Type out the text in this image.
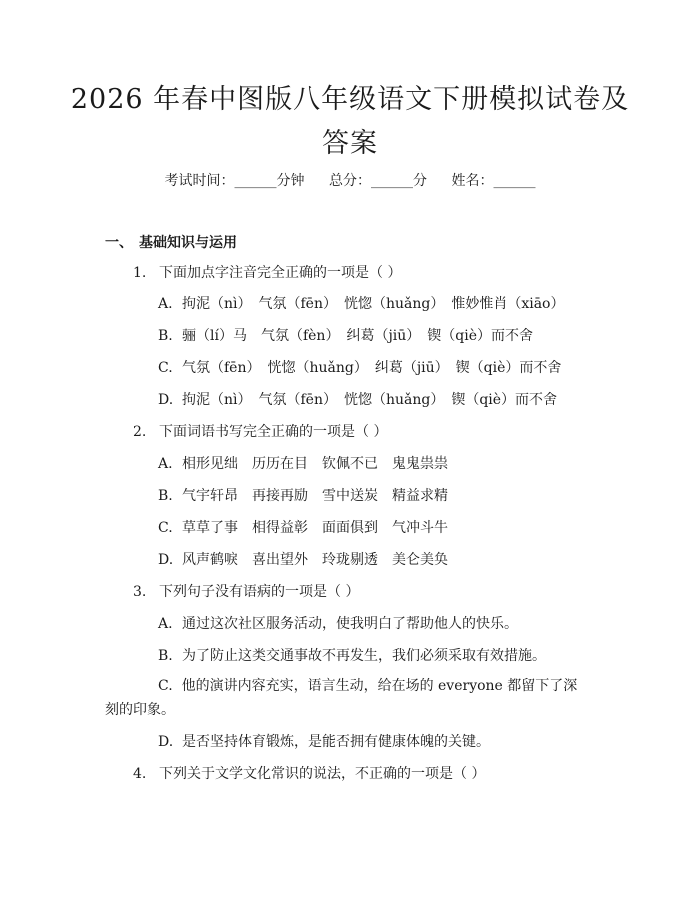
2026 年春中图版八年级语文下册模拟试卷及答案
考试时间：______分钟 总分：______分 姓名：______
一、 基础知识与运用
1. 下面加点字注音完全正确的一项是（ ）
A. 拘泥（nì）　气氛（fēn）　恍惚（huǎng）　惟妙惟肖（xiāo）
B. 骊（lí）马　气氛（fèn）　纠葛（jiū）　锲（qiè）而不舍
C. 气氛（fēn）　恍惚（huǎng）　纠葛（jiū）　锲（qiè）而不舍
D. 拘泥（nì）　气氛（fēn）　恍惚（huǎng）　锲（qiè）而不舍
2. 下面词语书写完全正确的一项是（ ）
A. 相形见绌　历历在目　钦佩不已　鬼鬼祟祟
B. 气宇轩昂　再接再励　雪中送炭　精益求精
C. 草草了事　相得益彰　面面俱到　气冲斗牛
D. 风声鹤唳　喜出望外　玲珑剔透　美仑美奂
3. 下列句子没有语病的一项是（ ）
A. 通过这次社区服务活动，使我明白了帮助他人的快乐。
B. 为了防止这类交通事故不再发生，我们必须采取有效措施。
C. 他的演讲内容充实，语言生动，给在场的 everyone 都留下了深刻的印象。
D. 是否坚持体育锻炼，是能否拥有健康体魄的关键。
4. 下列关于文学文化常识的说法，不正确的一项是（ ）
